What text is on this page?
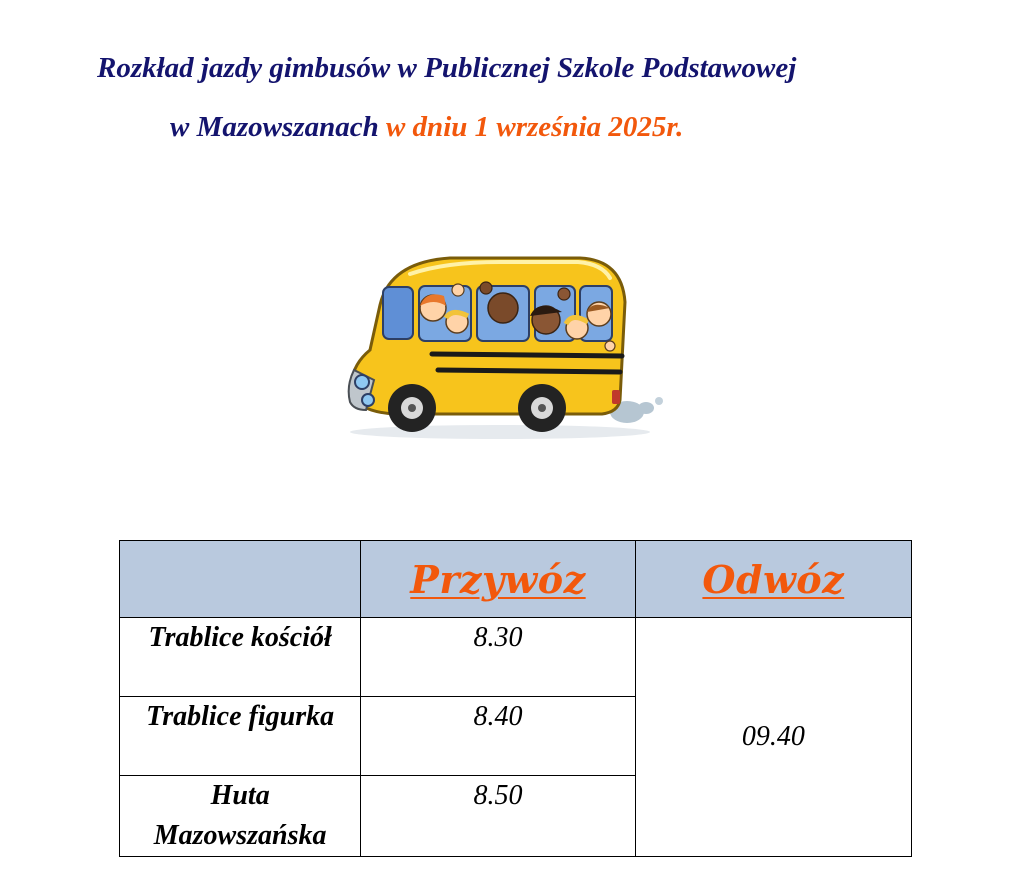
Rozkład jazdy gimbusów w Publicznej Szkole Podstawowej
w Mazowszanach w dniu 1 września 2025r.
	Przywóz	Odwóz
Trablice kościół	8.30	09.40
Trablice figurka	8.40	
Huta Mazowszańska	8.50	
